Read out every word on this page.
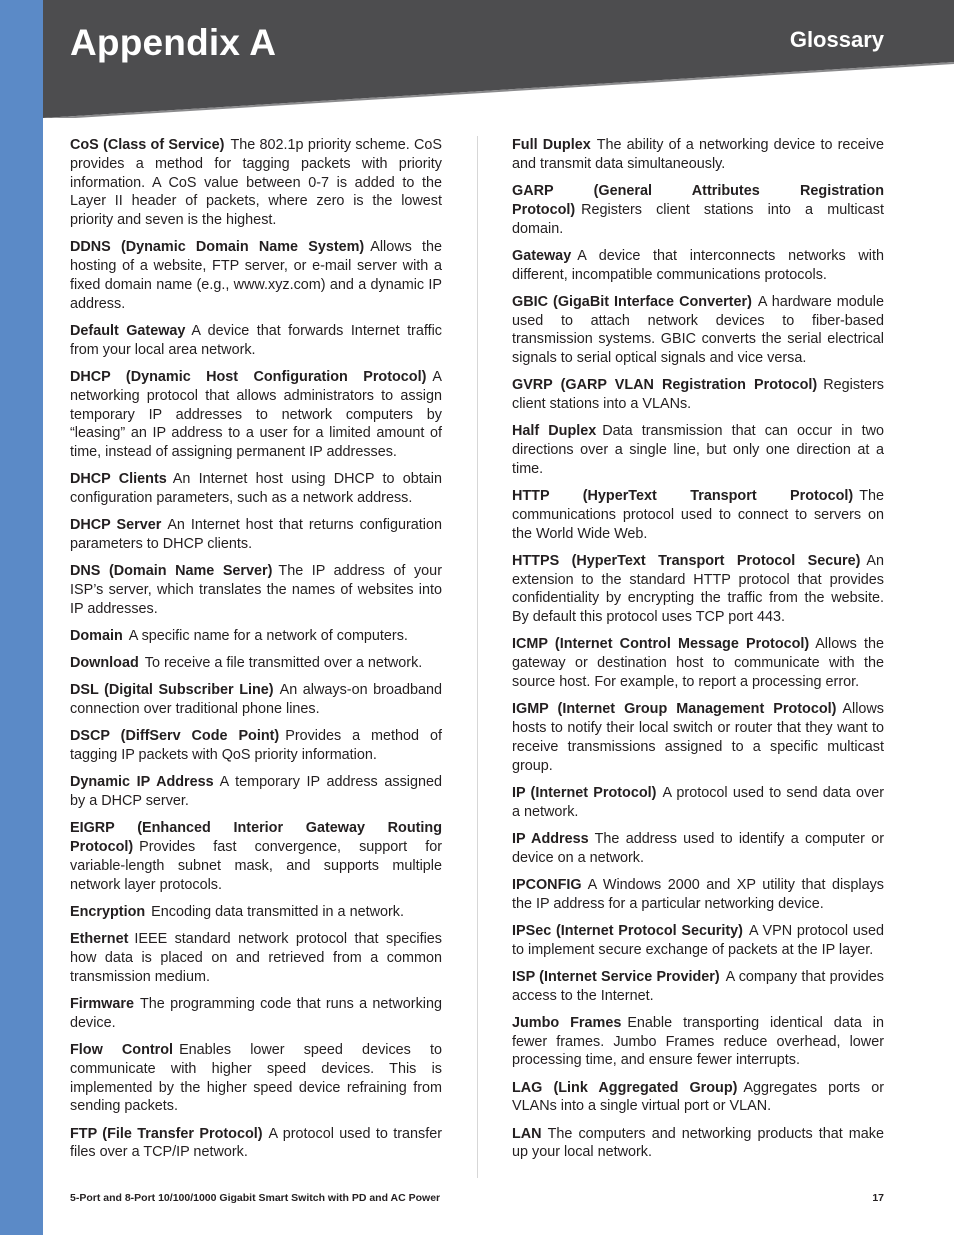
Appendix A	Glossary

CoS (Class of Service) The 802.1p priority scheme. CoS provides a method for tagging packets with priority information. A CoS value between 0-7 is added to the Layer II header of packets, where zero is the lowest priority and seven is the highest.

DDNS (Dynamic Domain Name System) Allows the hosting of a website, FTP server, or e-mail server with a fixed domain name (e.g., www.xyz.com) and a dynamic IP address.

Default Gateway A device that forwards Internet traffic from your local area network.

DHCP (Dynamic Host Configuration Protocol) A networking protocol that allows administrators to assign temporary IP addresses to network computers by “leasing” an IP address to a user for a limited amount of time, instead of assigning permanent IP addresses.

DHCP Clients An Internet host using DHCP to obtain configuration parameters, such as a network address.

DHCP Server An Internet host that returns configuration parameters to DHCP clients.

DNS (Domain Name Server) The IP address of your ISP’s server, which translates the names of websites into IP addresses.

Domain A specific name for a network of computers.

Download To receive a file transmitted over a network.

DSL (Digital Subscriber Line) An always-on broadband connection over traditional phone lines.

DSCP (DiffServ Code Point) Provides a method of tagging IP packets with QoS priority information.

Dynamic IP Address A temporary IP address assigned by a DHCP server.

EIGRP (Enhanced Interior Gateway Routing Protocol) Provides fast convergence, support for variable-length subnet mask, and supports multiple network layer protocols.

Encryption Encoding data transmitted in a network.

Ethernet IEEE standard network protocol that specifies how data is placed on and retrieved from a common transmission medium.

Firmware The programming code that runs a networking device.

Flow Control Enables lower speed devices to communicate with higher speed devices. This is implemented by the higher speed device refraining from sending packets.

FTP (File Transfer Protocol) A protocol used to transfer files over a TCP/IP network.

Full Duplex The ability of a networking device to receive and transmit data simultaneously.

GARP (General Attributes Registration Protocol) Registers client stations into a multicast domain.

Gateway A device that interconnects networks with different, incompatible communications protocols.

GBIC (GigaBit Interface Converter) A hardware module used to attach network devices to fiber-based transmission systems. GBIC converts the serial electrical signals to serial optical signals and vice versa.

GVRP (GARP VLAN Registration Protocol) Registers client stations into a VLANs.

Half Duplex Data transmission that can occur in two directions over a single line, but only one direction at a time.

HTTP (HyperText Transport Protocol) The communications protocol used to connect to servers on the World Wide Web.

HTTPS (HyperText Transport Protocol Secure) An extension to the standard HTTP protocol that provides confidentiality by encrypting the traffic from the website. By default this protocol uses TCP port 443.

ICMP (Internet Control Message Protocol) Allows the gateway or destination host to communicate with the source host. For example, to report a processing error.

IGMP (Internet Group Management Protocol) Allows hosts to notify their local switch or router that they want to receive transmissions assigned to a specific multicast group.

IP (Internet Protocol) A protocol used to send data over a network.

IP Address The address used to identify a computer or device on a network.

IPCONFIG A Windows 2000 and XP utility that displays the IP address for a particular networking device.

IPSec (Internet Protocol Security) A VPN protocol used to implement secure exchange of packets at the IP layer.

ISP (Internet Service Provider) A company that provides access to the Internet.

Jumbo Frames Enable transporting identical data in fewer frames. Jumbo Frames reduce overhead, lower processing time, and ensure fewer interrupts.

LAG (Link Aggregated Group) Aggregates ports or VLANs into a single virtual port or VLAN.

LAN The computers and networking products that make up your local network.

5-Port and 8-Port 10/100/1000 Gigabit Smart Switch with PD and AC Power	17
